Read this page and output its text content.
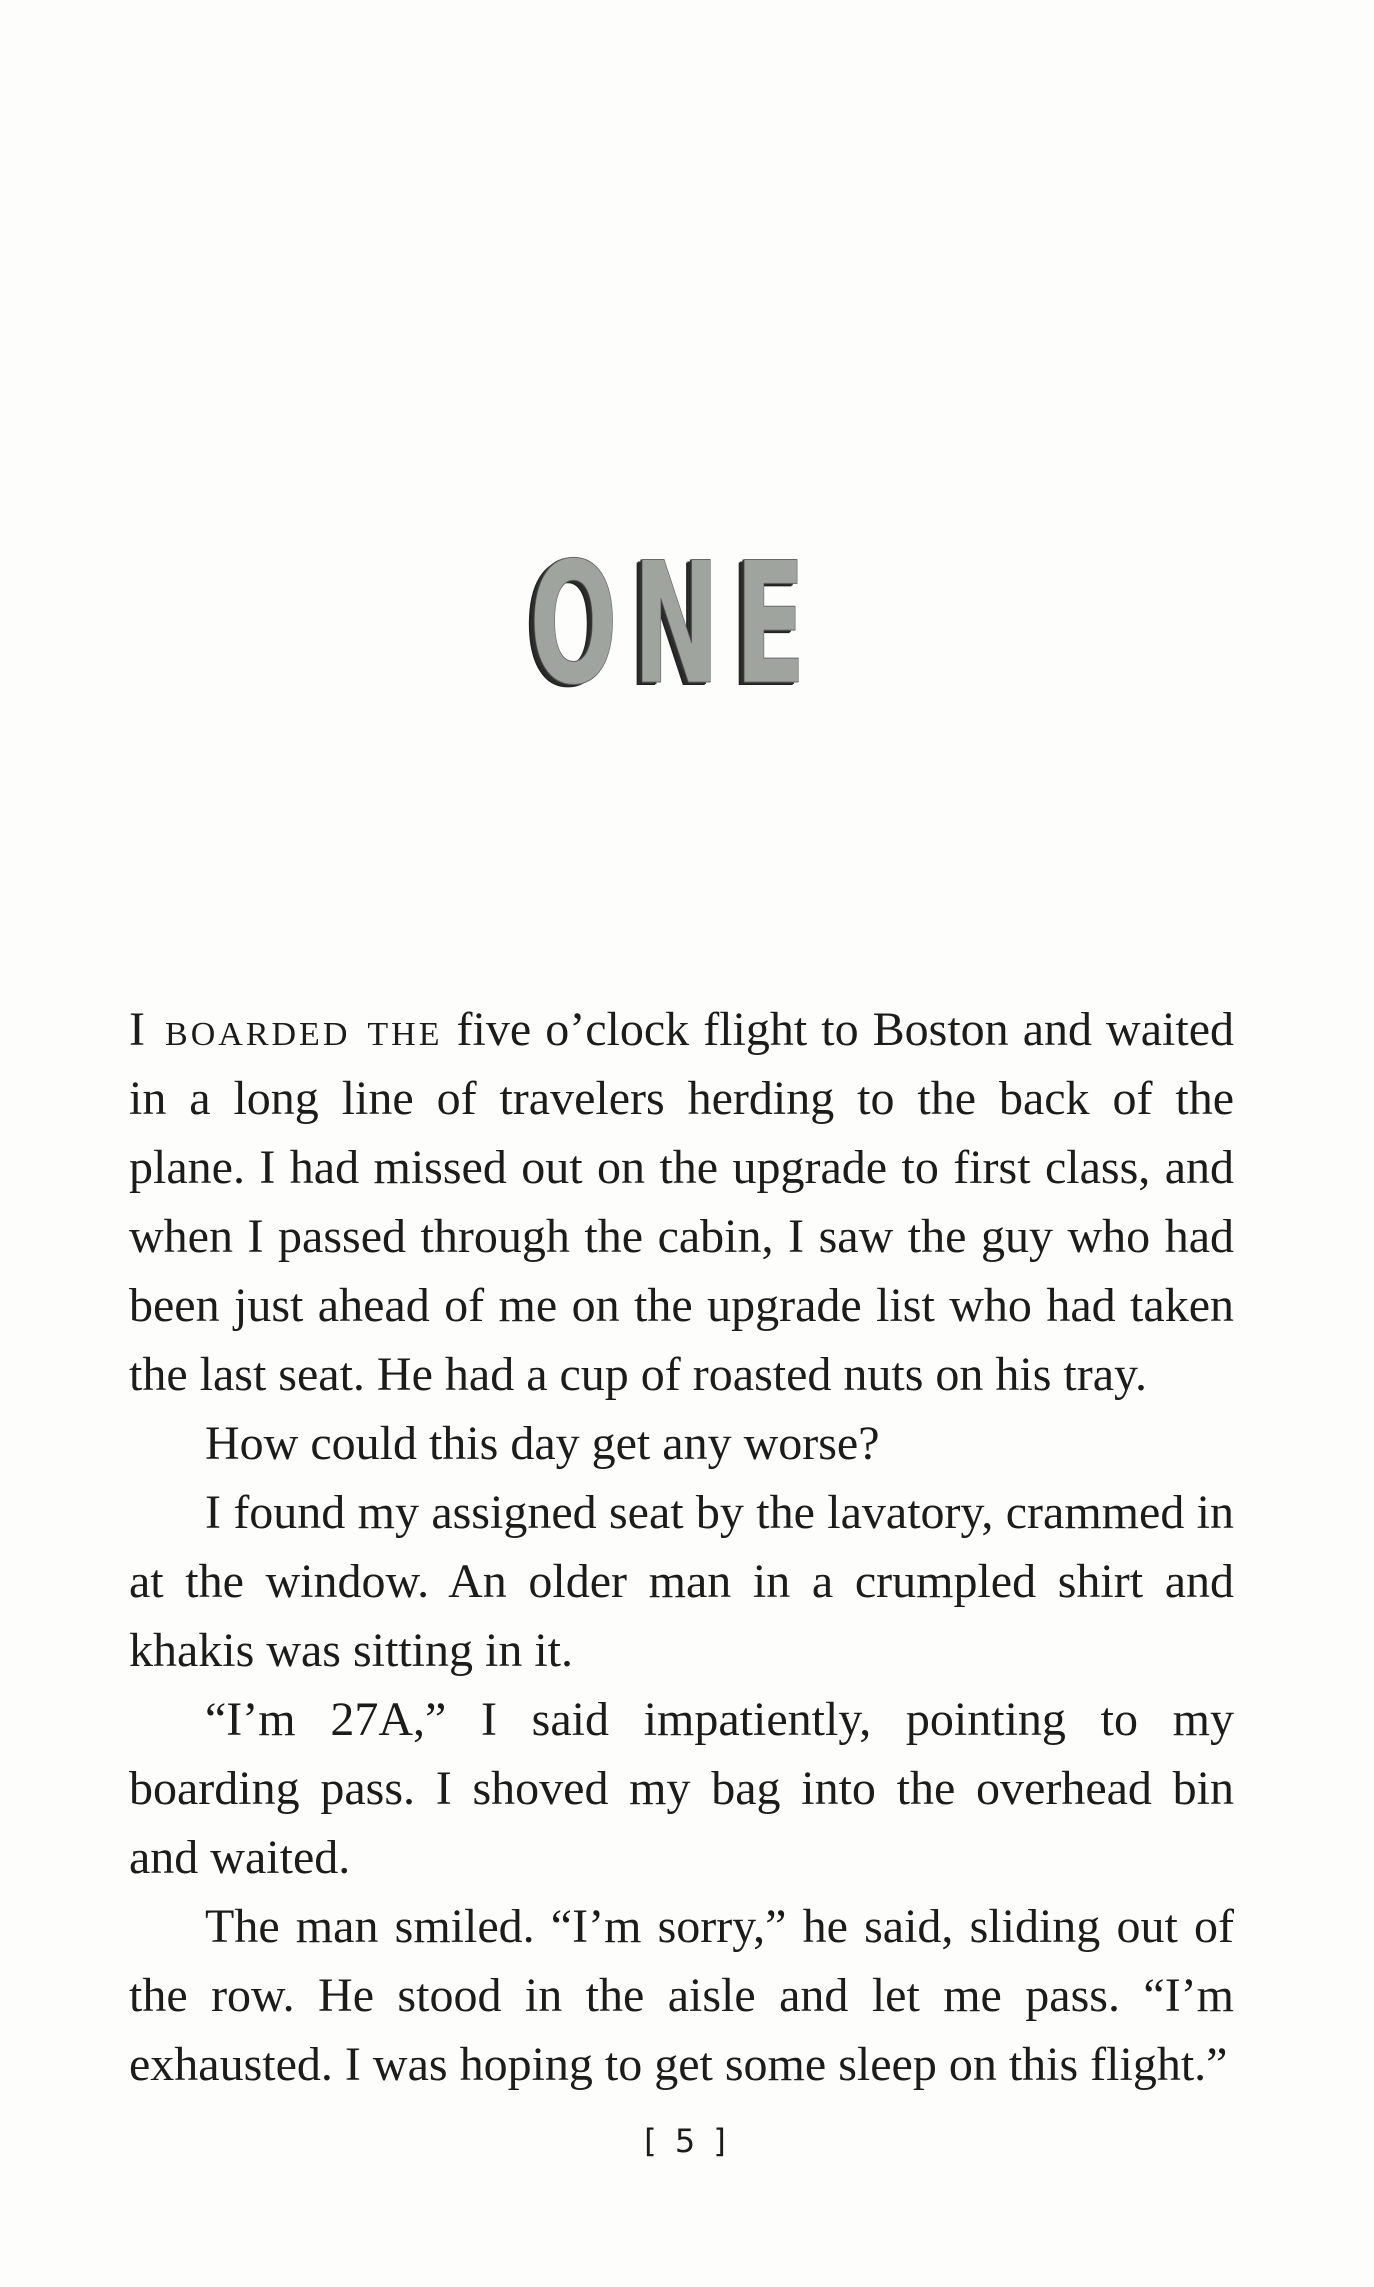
ONE

I boarded the five o’clock flight to Boston and waited in a long line of travelers herding to the back of the plane. I had missed out on the upgrade to first class, and when I passed through the cabin, I saw the guy who had been just ahead of me on the upgrade list who had taken the last seat. He had a cup of roasted nuts on his tray.

How could this day get any worse?

I found my assigned seat by the lavatory, crammed in at the window. An older man in a crumpled shirt and khakis was sitting in it.

“I’m 27A,” I said impatiently, pointing to my boarding pass. I shoved my bag into the overhead bin and waited.

The man smiled. “I’m sorry,” he said, sliding out of the row. He stood in the aisle and let me pass. “I’m exhausted. I was hoping to get some sleep on this flight.”

[ 5 ]
